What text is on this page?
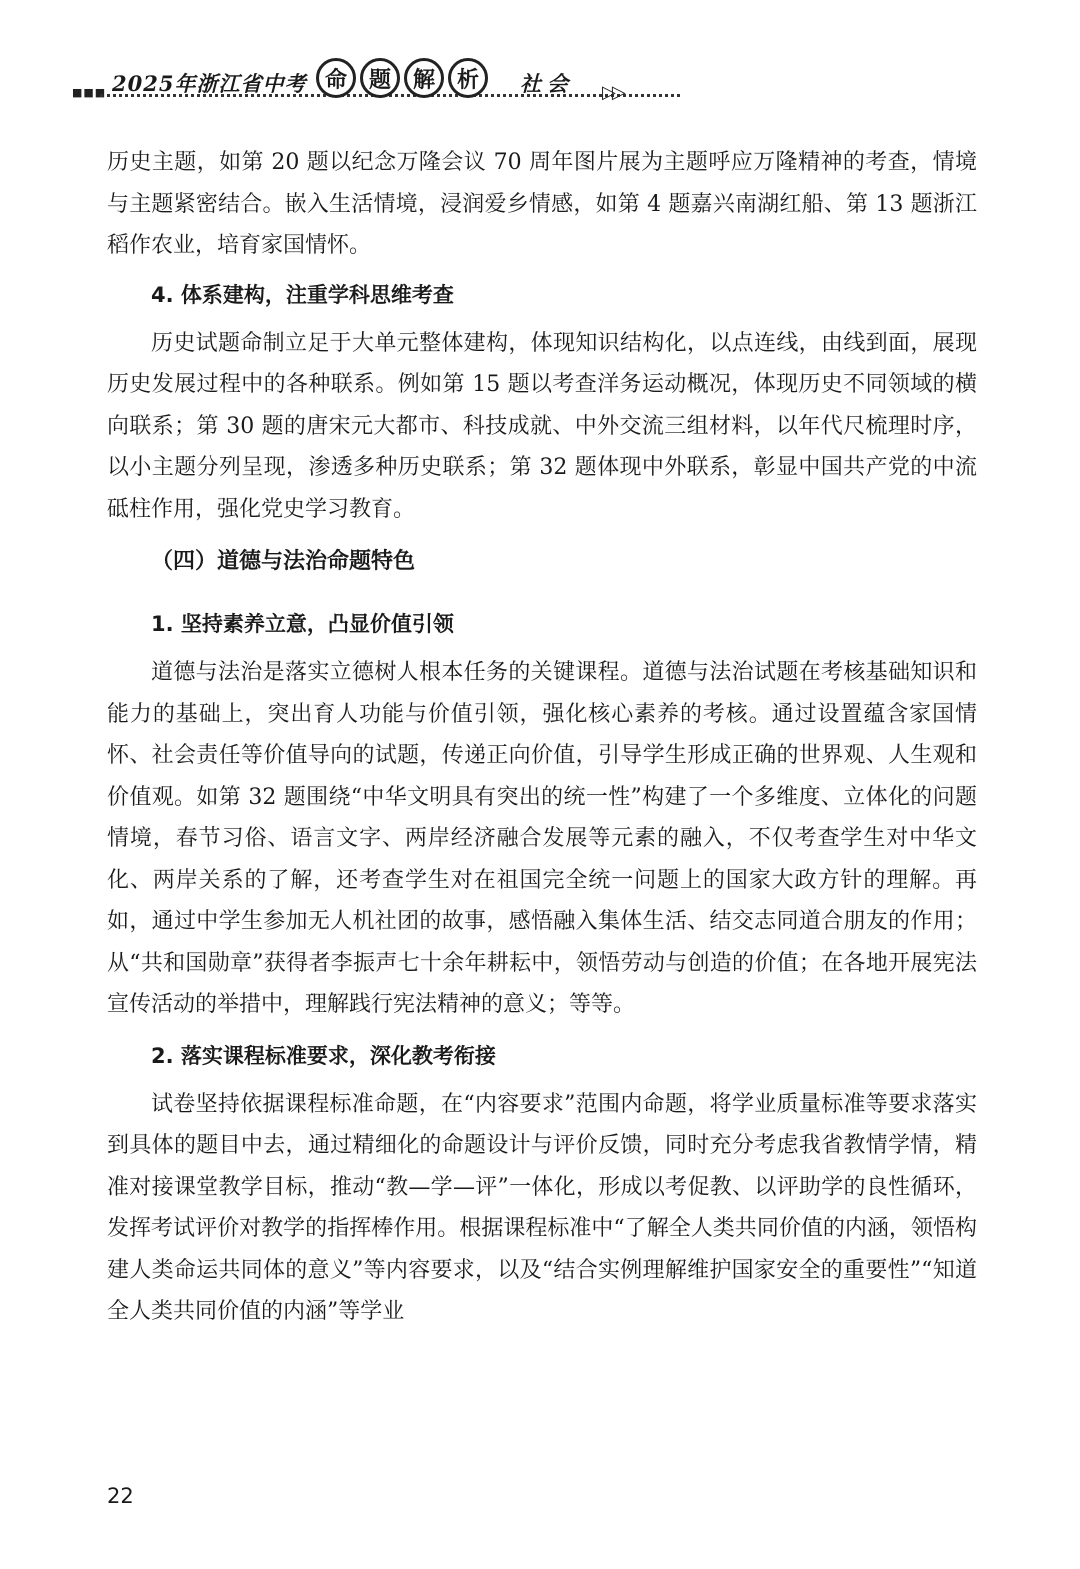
■■■ 2025年浙江省中考 命 题 解 析	社会 ▷▷

历史主题，如第 20 题以纪念万隆会议 70 周年图片展为主题呼应万隆精神的考查，情境与主题紧密结合。嵌入生活情境，浸润爱乡情感，如第 4 题嘉兴南湖红船、第 13 题浙江稻作农业，培育家国情怀。

4. 体系建构，注重学科思维考查

历史试题命制立足于大单元整体建构，体现知识结构化，以点连线，由线到面，展现历史发展过程中的各种联系。例如第 15 题以考查洋务运动概况，体现历史不同领域的横向联系；第 30 题的唐宋元大都市、科技成就、中外交流三组材料，以年代尺梳理时序，以小主题分列呈现，渗透多种历史联系；第 32 题体现中外联系，彰显中国共产党的中流砥柱作用，强化党史学习教育。

（四）道德与法治命题特色

1. 坚持素养立意，凸显价值引领

道德与法治是落实立德树人根本任务的关键课程。道德与法治试题在考核基础知识和能力的基础上，突出育人功能与价值引领，强化核心素养的考核。通过设置蕴含家国情怀、社会责任等价值导向的试题，传递正向价值，引导学生形成正确的世界观、人生观和价值观。如第 32 题围绕“中华文明具有突出的统一性”构建了一个多维度、立体化的问题情境，春节习俗、语言文字、两岸经济融合发展等元素的融入，不仅考查学生对中华文化、两岸关系的了解，还考查学生对在祖国完全统一问题上的国家大政方针的理解。再如，通过中学生参加无人机社团的故事，感悟融入集体生活、结交志同道合朋友的作用；从“共和国勋章”获得者李振声七十余年耕耘中，领悟劳动与创造的价值；在各地开展宪法宣传活动的举措中，理解践行宪法精神的意义；等等。

2. 落实课程标准要求，深化教考衔接

试卷坚持依据课程标准命题，在“内容要求”范围内命题，将学业质量标准等要求落实到具体的题目中去，通过精细化的命题设计与评价反馈，同时充分考虑我省教情学情，精准对接课堂教学目标，推动“教—学—评”一体化，形成以考促教、以评助学的良性循环，发挥考试评价对教学的指挥棒作用。根据课程标准中“了解全人类共同价值的内涵，领悟构建人类命运共同体的意义”等内容要求，以及“结合实例理解维护国家安全的重要性”“知道全人类共同价值的内涵”等学业

22
